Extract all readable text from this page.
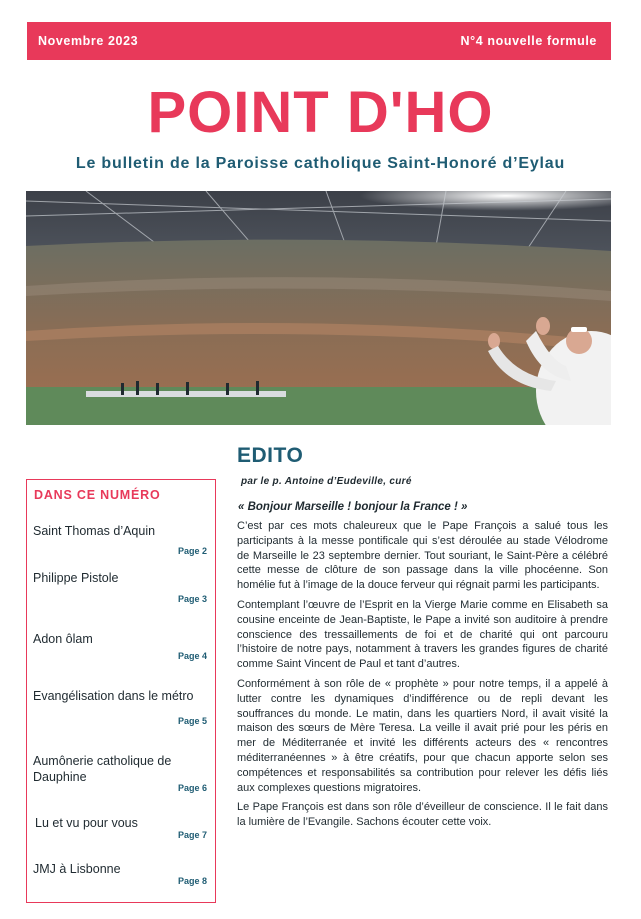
Novembre 2023	N°4 nouvelle formule
POINT D'HO
Le bulletin de la Paroisse catholique Saint-Honoré d’Eylau
DANS CE NUMÉRO
Saint Thomas d’Aquin
Page 2
Philippe Pistole
Page 3
Adon ôlam
Page 4
Evangélisation dans le métro
Page 5
Aumônerie catholique de Dauphine
Page 6
Lu et vu pour vous
Page 7
JMJ à Lisbonne
Page 8
EDITO
par le p. Antoine d’Eudeville, curé
« Bonjour Marseille ! bonjour la France ! »

C’est par ces mots chaleureux que le Pape François a salué tous les participants à la messe pontificale qui s’est déroulée au stade Vélodrome de Marseille le 23 septembre dernier. Tout souriant, le Saint-Père a célébré cette messe de clôture de son passage dans la ville phocéenne. Son homélie fut à l’image de la douce ferveur qui régnait parmi les participants.

Contemplant l’œuvre de l’Esprit en la Vierge Marie comme en Elisabeth sa cousine enceinte de Jean-Baptiste, le Pape a invité son auditoire à prendre conscience des tressaillements de foi et de charité qui ont parcouru l’histoire de notre pays, notamment à travers les grandes figures de charité comme Saint Vincent de Paul et tant d’autres.

Conformément à son rôle de « prophète » pour notre temps, il a appelé à lutter contre les dynamiques d’indifférence ou de repli devant les souffrances du monde. Le matin, dans les quartiers Nord, il avait visité la maison des sœurs de Mère Teresa. La veille il avait prié pour les péris en mer de Méditerranée et invité les différents acteurs des « rencontres méditerranéennes » à être créatifs, pour que chacun apporte selon ses compétences et responsabilités sa contribution pour relever les défis liés aux complexes questions migratoires.

Le Pape François est dans son rôle d’éveilleur de conscience. Il le fait dans la lumière de l’Evangile. Sachons écouter cette voix.
